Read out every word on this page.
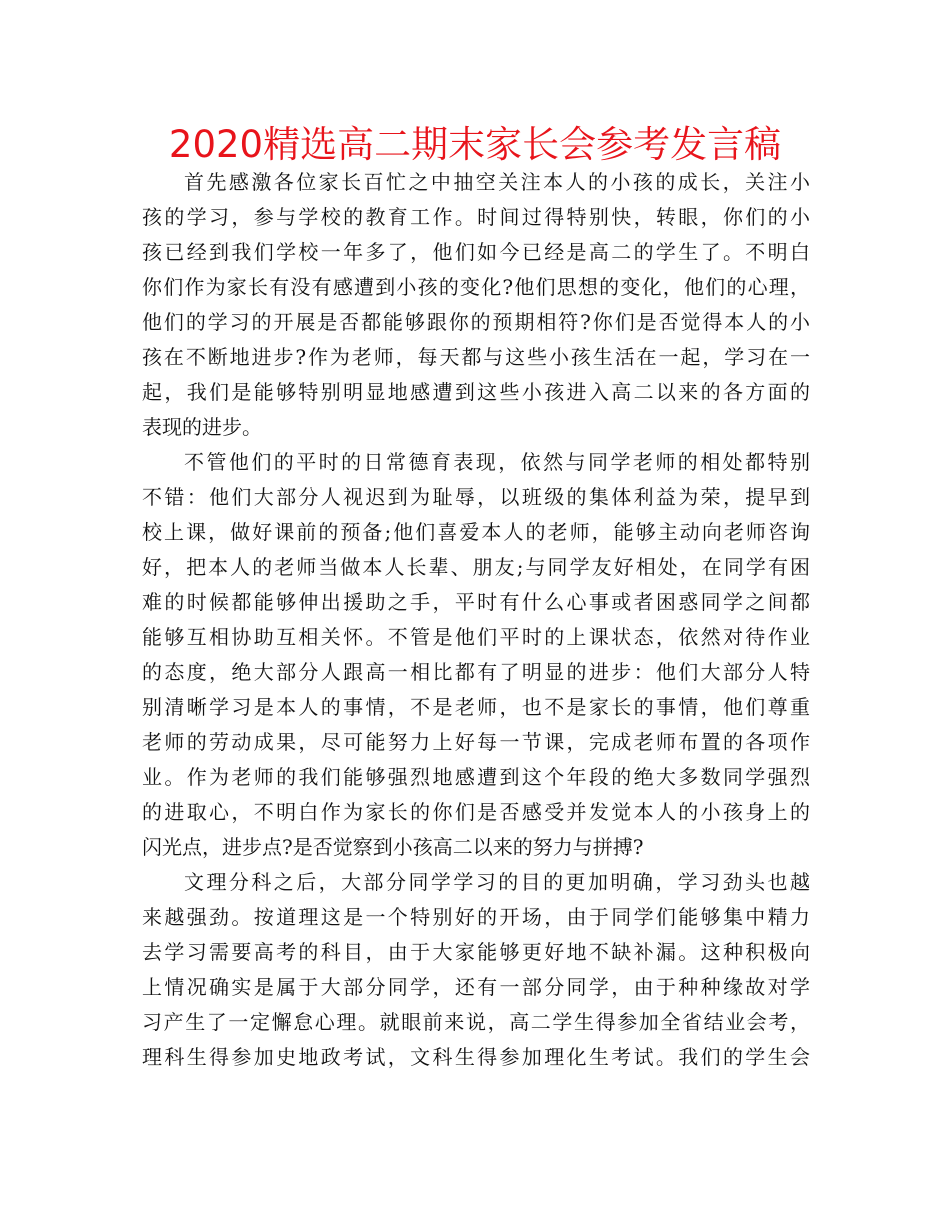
2020精选高二期末家长会参考发言稿
首先感激各位家长百忙之中抽空关注本人的小孩的成长，关注小
孩的学习，参与学校的教育工作。时间过得特别快，转眼，你们的小
孩已经到我们学校一年多了，他们如今已经是高二的学生了。不明白
你们作为家长有没有感遭到小孩的变化?他们思想的变化，他们的心理，
他们的学习的开展是否都能够跟你的预期相符?你们是否觉得本人的小
孩在不断地进步?作为老师，每天都与这些小孩生活在一起，学习在一
起，我们是能够特别明显地感遭到这些小孩进入高二以来的各方面的
表现的进步。
不管他们的平时的日常德育表现，依然与同学老师的相处都特别
不错：他们大部分人视迟到为耻辱，以班级的集体利益为荣，提早到
校上课，做好课前的预备;他们喜爱本人的老师，能够主动向老师咨询
好，把本人的老师当做本人长辈、朋友;与同学友好相处，在同学有困
难的时候都能够伸出援助之手，平时有什么心事或者困惑同学之间都
能够互相协助互相关怀。不管是他们平时的上课状态，依然对待作业
的态度，绝大部分人跟高一相比都有了明显的进步：他们大部分人特
别清晰学习是本人的事情，不是老师，也不是家长的事情，他们尊重
老师的劳动成果，尽可能努力上好每一节课，完成老师布置的各项作
业。作为老师的我们能够强烈地感遭到这个年段的绝大多数同学强烈
的进取心，不明白作为家长的你们是否感受并发觉本人的小孩身上的
闪光点，进步点?是否觉察到小孩高二以来的努力与拼搏?
文理分科之后，大部分同学学习的目的更加明确，学习劲头也越
来越强劲。按道理这是一个特别好的开场，由于同学们能够集中精力
去学习需要高考的科目，由于大家能够更好地不缺补漏。这种积极向
上情况确实是属于大部分同学，还有一部分同学，由于种种缘故对学
习产生了一定懈怠心理。就眼前来说，高二学生得参加全省结业会考，
理科生得参加史地政考试，文科生得参加理化生考试。我们的学生会
